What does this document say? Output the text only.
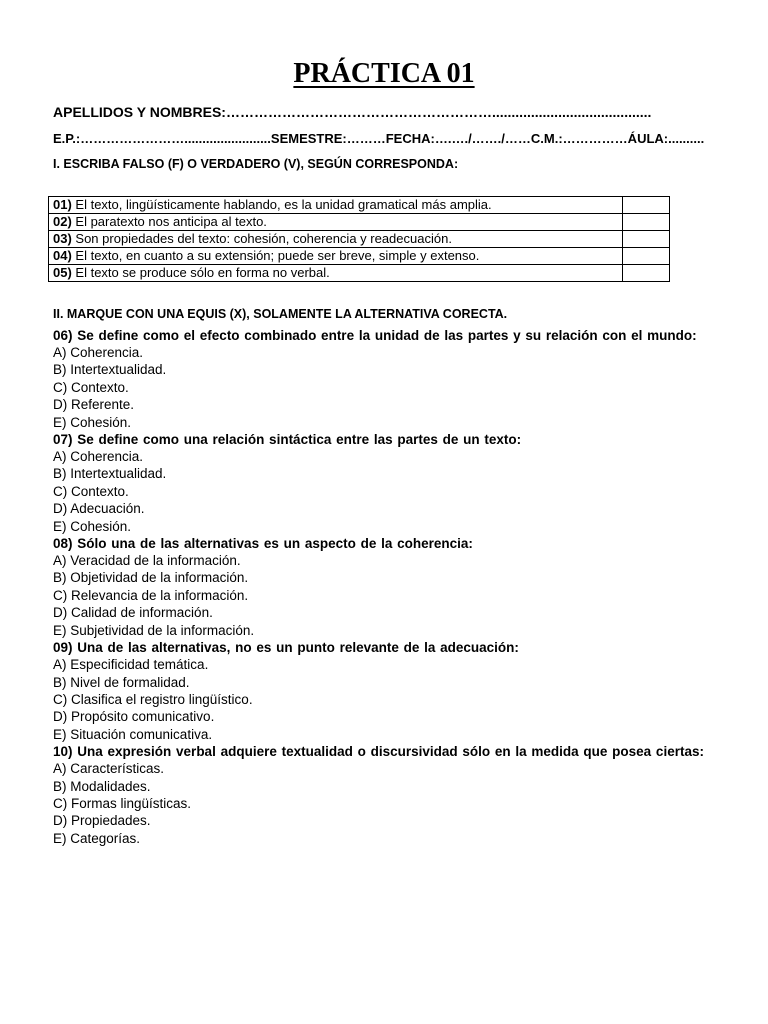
PRÁCTICA 01
APELLIDOS Y NOMBRES:………………………………………………….........................................
E.P.:……………………........................SEMESTRE:………FECHA:….…./……./……C.M.:……………ÁULA:..........
I. ESCRIBA FALSO (F) O VERDADERO (V), SEGÚN CORRESPONDA:
01) El texto, lingüísticamente hablando, es la unidad gramatical más amplia.	
02) El paratexto nos anticipa al texto.	
03) Son propiedades del texto: cohesión, coherencia y readecuación.	
04) El texto, en cuanto a su extensión; puede ser breve, simple y extenso.	
05) El texto se produce sólo en forma no verbal.	
II. MARQUE CON UNA EQUIS (X), SOLAMENTE LA ALTERNATIVA CORECTA.
06) Se define como el efecto combinado entre la unidad de las partes y su relación con el mundo:
A) Coherencia.
B) Intertextualidad.
C) Contexto.
D) Referente.
E) Cohesión.
07) Se define como una relación sintáctica entre las partes de un texto:
A) Coherencia.
B) Intertextualidad.
C) Contexto.
D) Adecuación.
E) Cohesión.
08) Sólo una de las alternativas es un aspecto de la coherencia:
A) Veracidad de la información.
B) Objetividad de la información.
C) Relevancia de la información.
D) Calidad de información.
E) Subjetividad de la información.
09) Una de las alternativas, no es un punto relevante de la adecuación:
A) Especificidad temática.
B) Nivel de formalidad.
C) Clasifica el registro lingüístico.
D) Propósito comunicativo.
E) Situación comunicativa.
10) Una expresión verbal adquiere textualidad o discursividad sólo en la medida que posea ciertas:
A) Características.
B) Modalidades.
C) Formas lingüísticas.
D) Propiedades.
E) Categorías.
